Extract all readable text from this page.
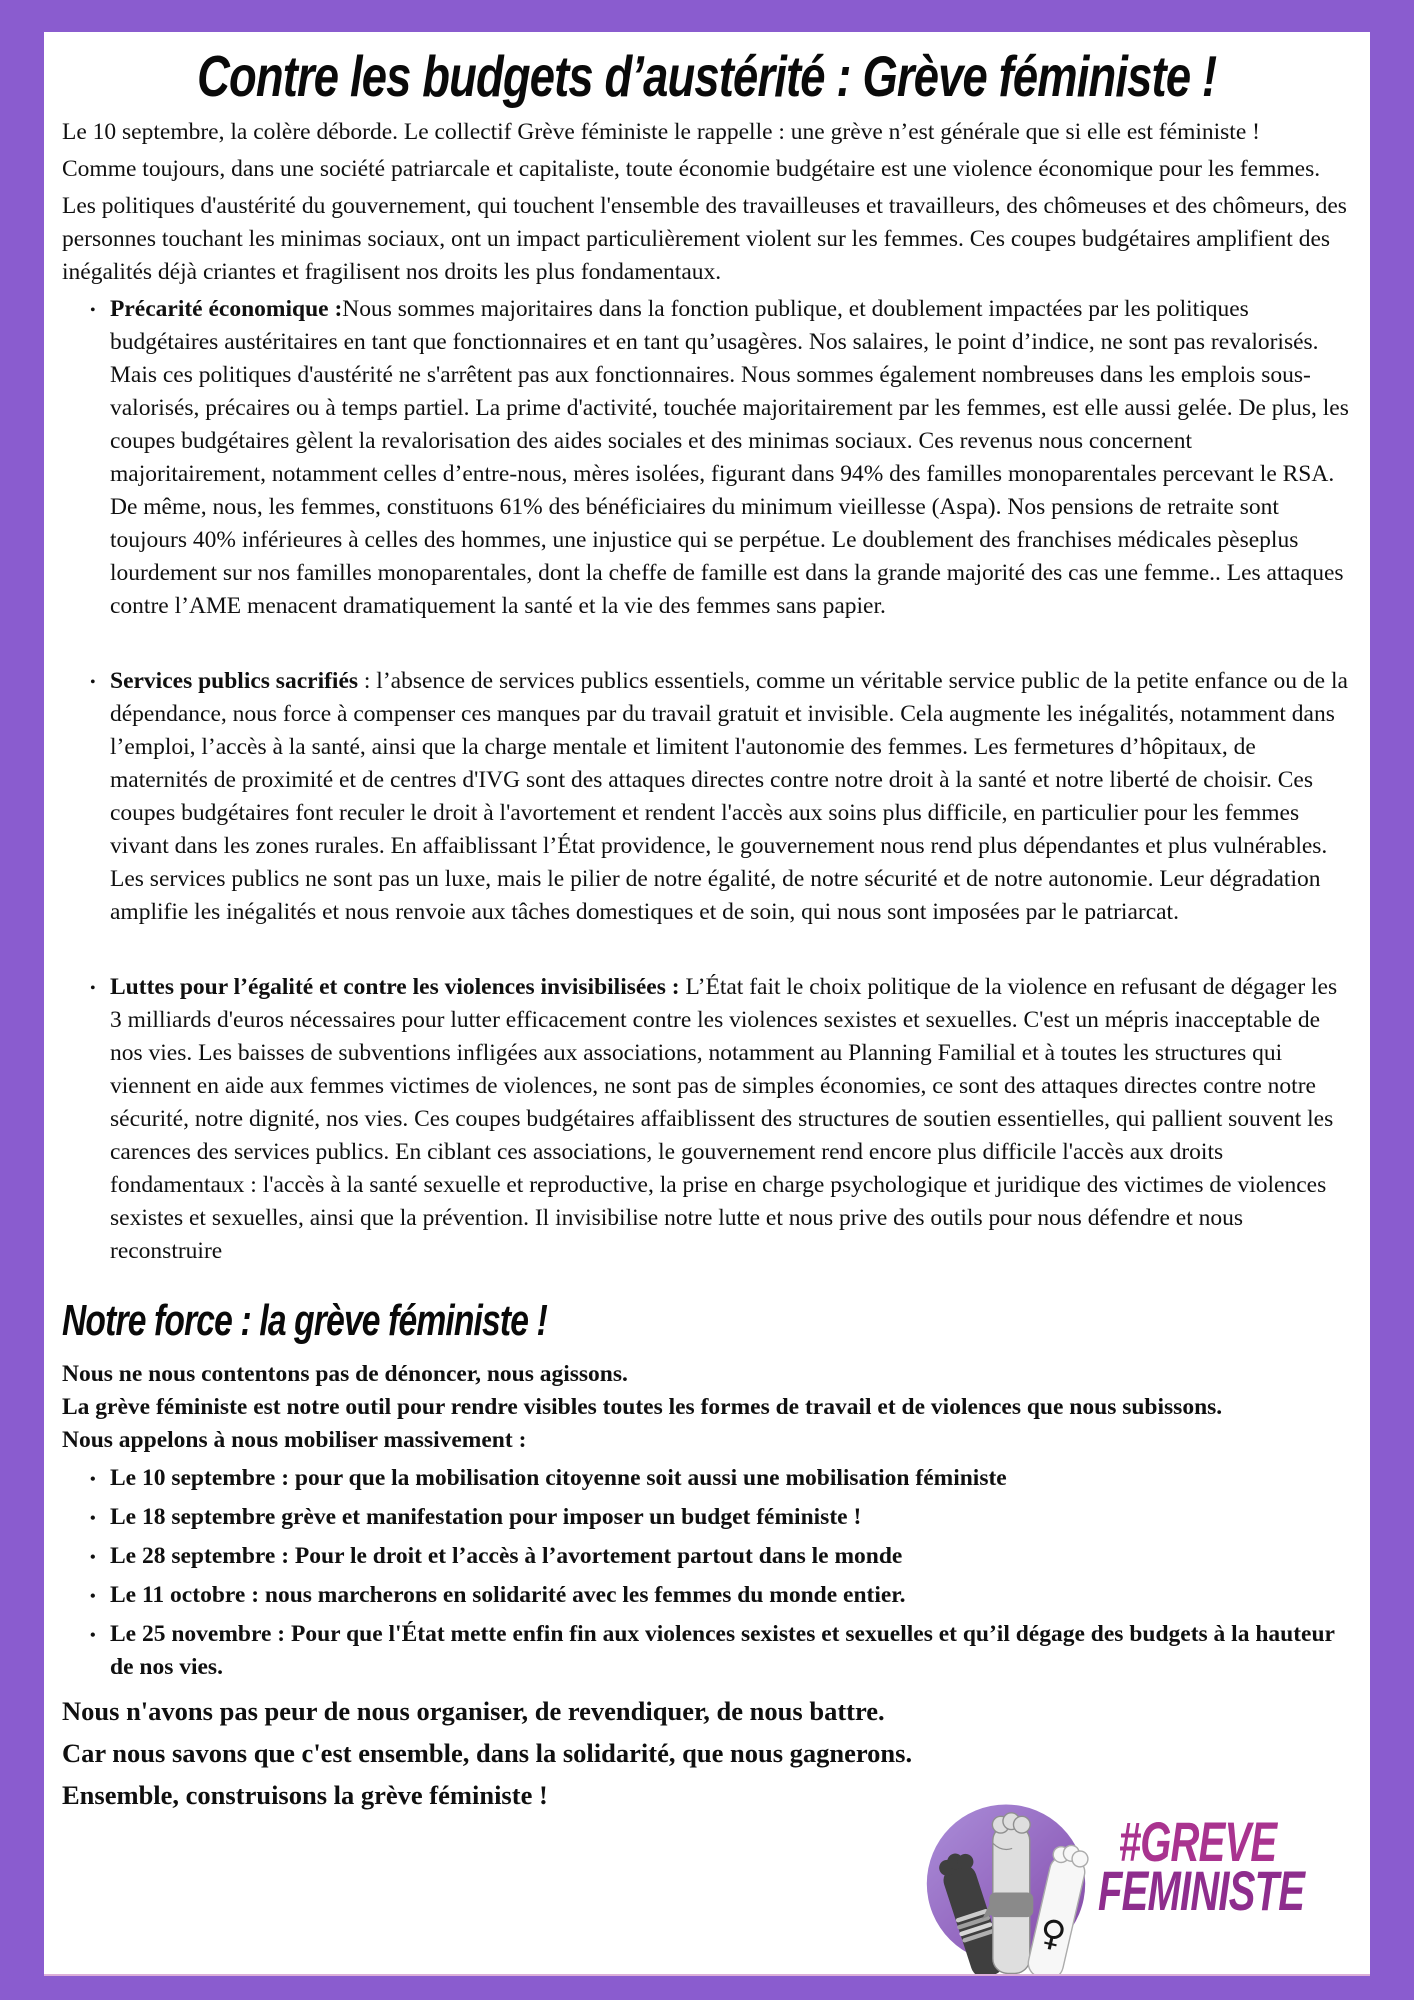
Contre les budgets d’austérité : Grève féministe !

Le 10 septembre, la colère déborde. Le collectif Grève féministe le rappelle : une grève n’est générale que si elle est féministe !

Comme toujours, dans une société patriarcale et capitaliste, toute économie budgétaire est une violence économique pour les femmes.

Les politiques d'austérité du gouvernement, qui touchent l'ensemble des travailleuses et travailleurs, des chômeuses et des chômeurs, des personnes touchant les minimas sociaux, ont un impact particulièrement violent sur les femmes. Ces coupes budgétaires amplifient des inégalités déjà criantes et fragilisent nos droits les plus fondamentaux.

• Précarité économique :Nous sommes majoritaires dans la fonction publique, et doublement impactées par les politiques budgétaires austéritaires en tant que fonctionnaires et en tant qu’usagères. Nos salaires, le point d’indice, ne sont pas revalorisés. Mais ces politiques d'austérité ne s'arrêtent pas aux fonctionnaires. Nous sommes également nombreuses dans les emplois sous-valorisés, précaires ou à temps partiel. La prime d'activité, touchée majoritairement par les femmes, est elle aussi gelée. De plus, les coupes budgétaires gèlent la revalorisation des aides sociales et des minimas sociaux. Ces revenus nous concernent majoritairement, notamment celles d’entre-nous, mères isolées, figurant dans 94% des familles monoparentales percevant le RSA. De même, nous, les femmes, constituons 61% des bénéficiaires du minimum vieillesse (Aspa). Nos pensions de retraite sont toujours 40% inférieures à celles des hommes, une injustice qui se perpétue. Le doublement des franchises médicales pèseplus lourdement sur nos familles monoparentales, dont la cheffe de famille est dans la grande majorité des cas une femme.. Les attaques contre l’AME menacent dramatiquement la santé et la vie des femmes sans papier.
• Services publics sacrifiés : l’absence de services publics essentiels, comme un véritable service public de la petite enfance ou de la dépendance, nous force à compenser ces manques par du travail gratuit et invisible. Cela augmente les inégalités, notamment dans l’emploi, l’accès à la santé, ainsi que la charge mentale et limitent l'autonomie des femmes. Les fermetures d’hôpitaux, de maternités de proximité et de centres d'IVG sont des attaques directes contre notre droit à la santé et notre liberté de choisir. Ces coupes budgétaires font reculer le droit à l'avortement et rendent l'accès aux soins plus difficile, en particulier pour les femmes vivant dans les zones rurales. En affaiblissant l’État providence, le gouvernement nous rend plus dépendantes et plus vulnérables. Les services publics ne sont pas un luxe, mais le pilier de notre égalité, de notre sécurité et de notre autonomie. Leur dégradation amplifie les inégalités et nous renvoie aux tâches domestiques et de soin, qui nous sont imposées par le patriarcat.
• Luttes pour l’égalité et contre les violences invisibilisées : L’État fait le choix politique de la violence en refusant de dégager les 3 milliards d'euros nécessaires pour lutter efficacement contre les violences sexistes et sexuelles. C'est un mépris inacceptable de nos vies. Les baisses de subventions infligées aux associations, notamment au Planning Familial et à toutes les structures qui viennent en aide aux femmes victimes de violences, ne sont pas de simples économies, ce sont des attaques directes contre notre sécurité, notre dignité, nos vies. Ces coupes budgétaires affaiblissent des structures de soutien essentielles, qui pallient souvent les carences des services publics. En ciblant ces associations, le gouvernement rend encore plus difficile l'accès aux droits fondamentaux : l'accès à la santé sexuelle et reproductive, la prise en charge psychologique et juridique des victimes de violences sexistes et sexuelles, ainsi que la prévention. Il invisibilise notre lutte et nous prive des outils pour nous défendre et nous reconstruire
Notre force : la grève féministe !

Nous ne nous contentons pas de dénoncer, nous agissons.

La grève féministe est notre outil pour rendre visibles toutes les formes de travail et de violences que nous subissons.

Nous appelons à nous mobiliser massivement :

• Le 10 septembre : pour que la mobilisation citoyenne soit aussi une mobilisation féministe
• Le 18 septembre grève et manifestation pour imposer un budget féministe !
• Le 28 septembre : Pour le droit et l’accès à l’avortement partout dans le monde
• Le 11 octobre : nous marcherons en solidarité avec les femmes du monde entier.
• Le 25 novembre : Pour que l'État mette enfin fin aux violences sexistes et sexuelles et qu’il dégage des budgets à la hauteur de nos vies.

Nous n'avons pas peur de nous organiser, de revendiquer, de nous battre.

Car nous savons que c'est ensemble, dans la solidarité, que nous gagnerons.

Ensemble, construisons la grève féministe !

♀
#GREVE
FEMINISTE
